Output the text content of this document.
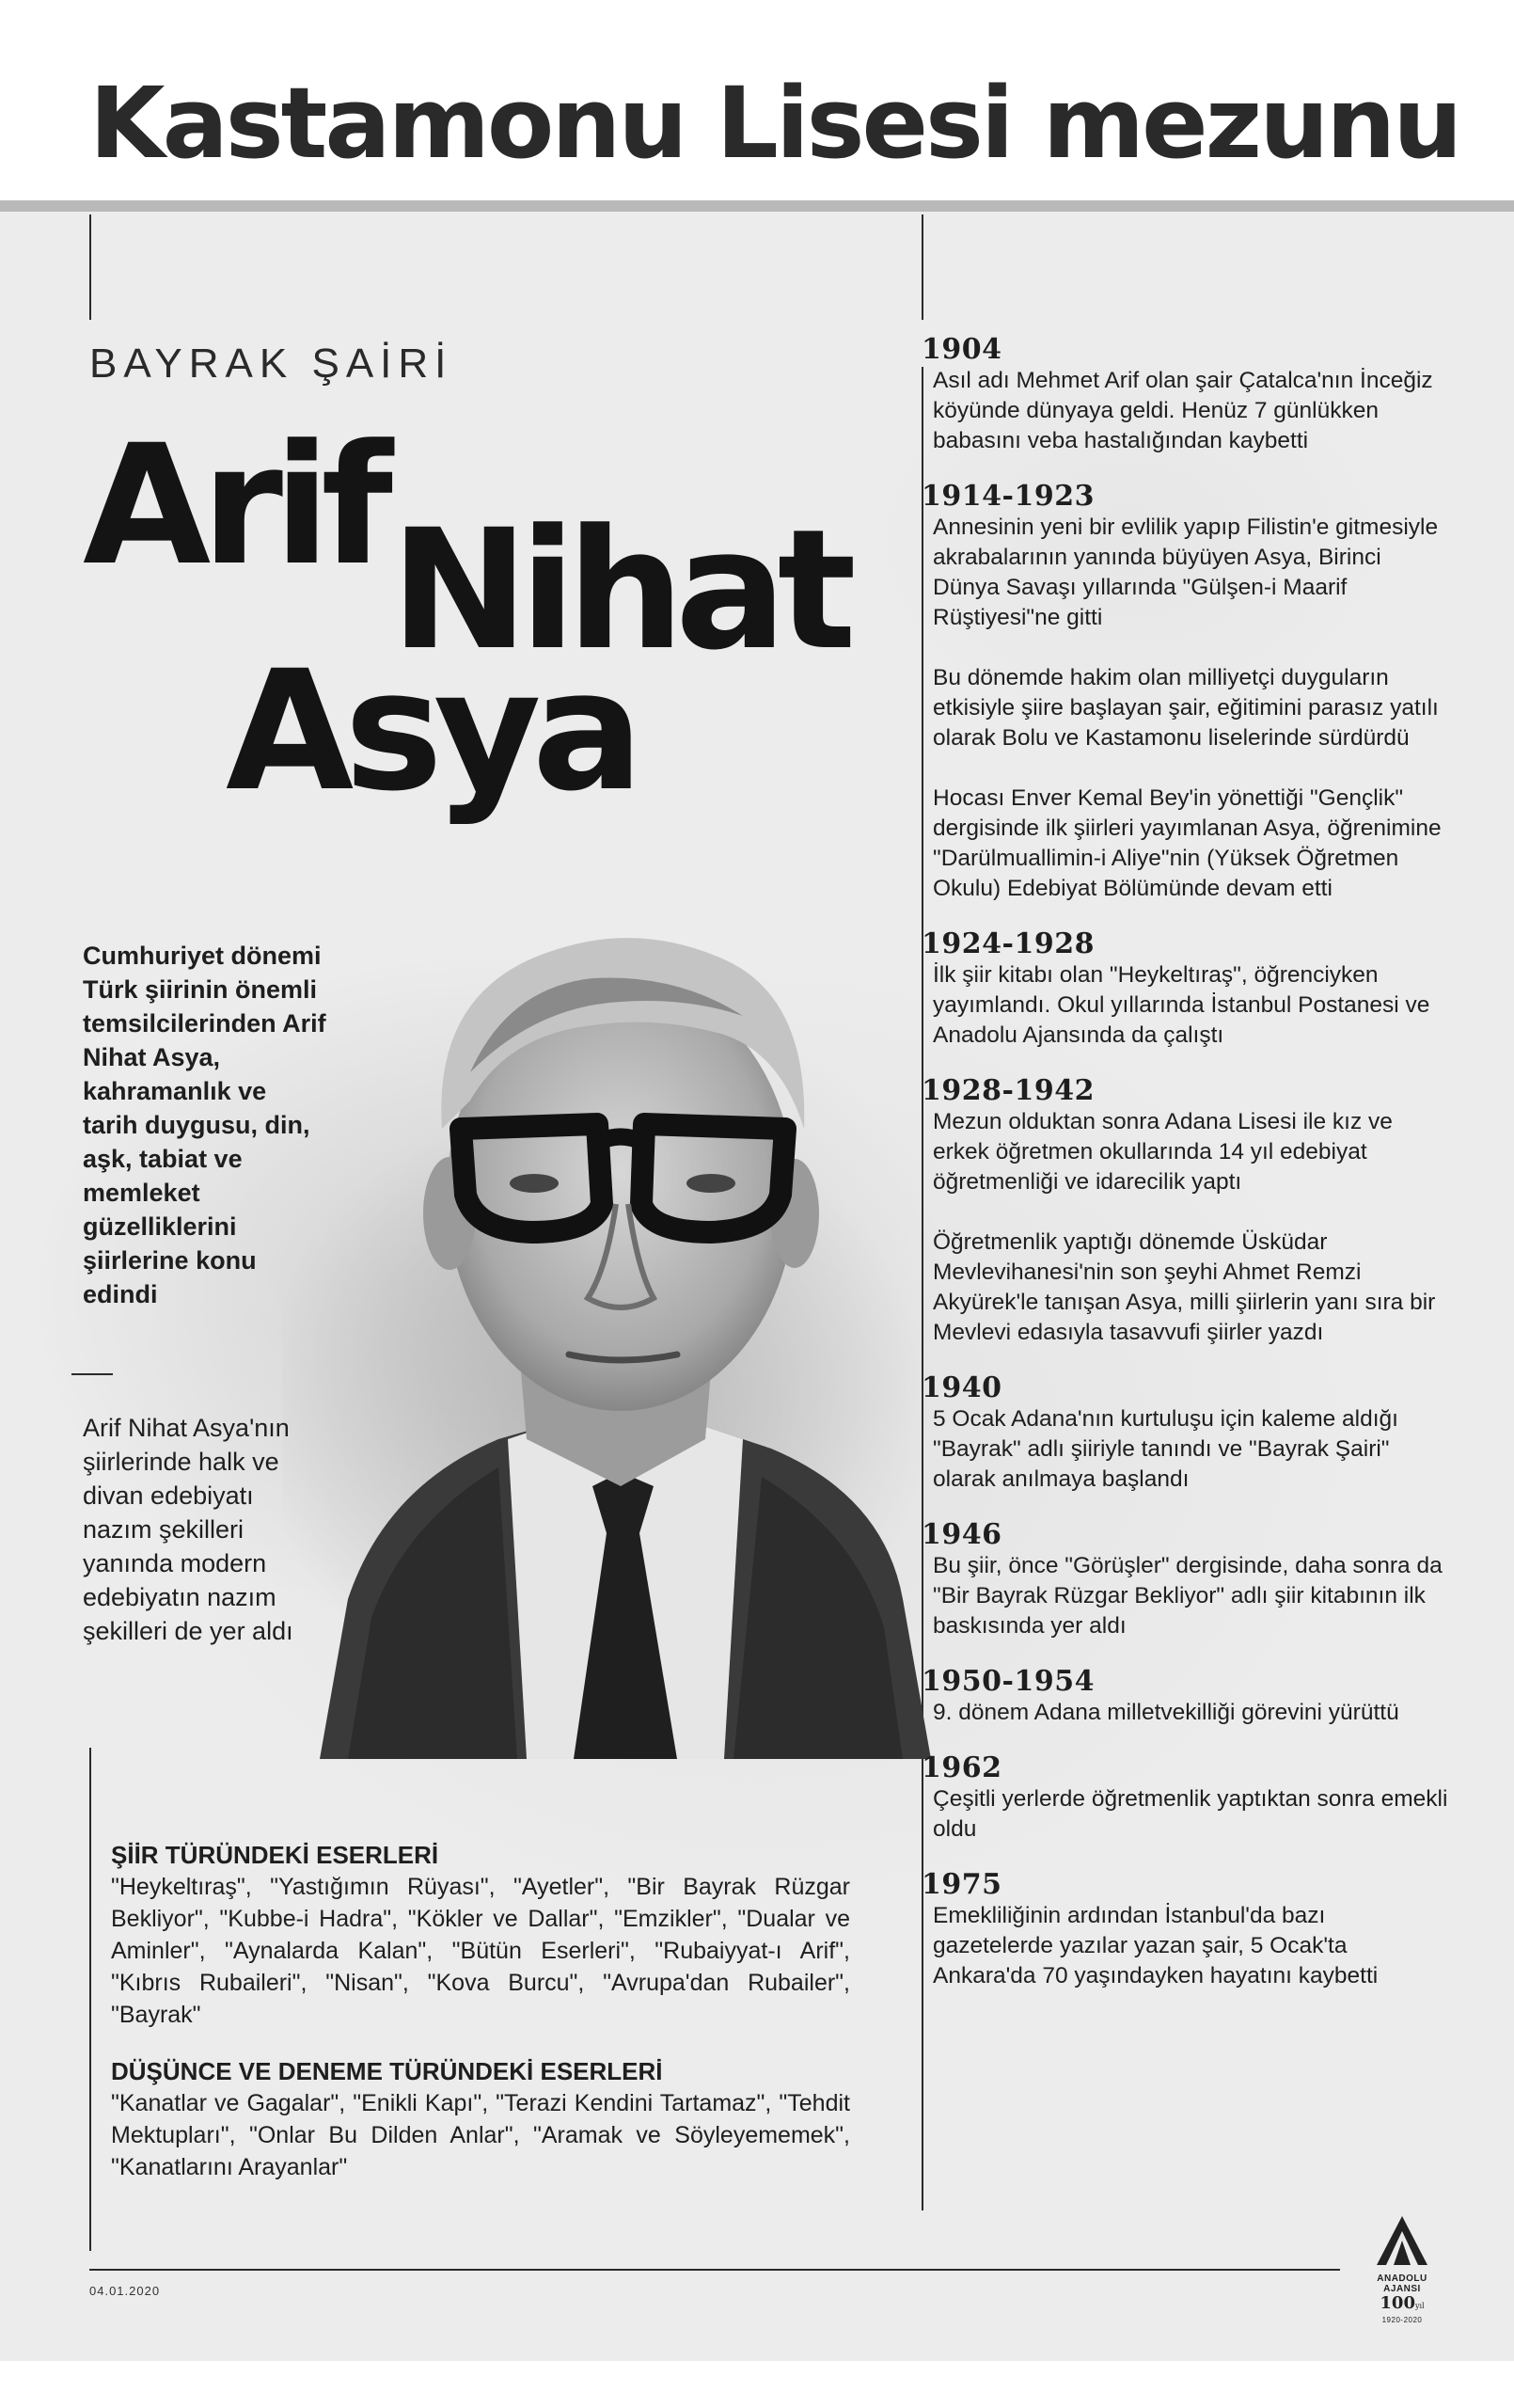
Kastamonu Lisesi mezunu
BAYRAK ŞAİRİ
Arif Nihat
Asya
Cumhuriyet dönemi Türk şiirinin önemli temsilcilerinden Arif Nihat Asya, kahramanlık ve tarih duygusu, din, aşk, tabiat ve memleket güzelliklerini şiirlerine konu edindi
Arif Nihat Asya'nın şiirlerinde halk ve divan edebiyatı nazım şekilleri yanında modern edebiyatın nazım şekilleri de yer aldı
ŞİİR TÜRÜNDEKİ ESERLERİ

"Heykeltıraş", "Yastığımın Rüyası", "Ayetler", "Bir Bayrak Rüzgar Bekliyor", "Kubbe-i Hadra", "Kökler ve Dallar", "Emzikler", "Dualar ve Aminler", "Aynalarda Kalan", "Bütün Eserleri", "Rubaiyyat-ı Arif", "Kıbrıs Rubaileri", "Nisan", "Kova Burcu", "Avrupa'dan Rubailer", "Bayrak"

DÜŞÜNCE VE DENEME TÜRÜNDEKİ ESERLERİ

"Kanatlar ve Gagalar", "Enikli Kapı", "Terazi Kendini Tartamaz", "Tehdit Mektupları", "Onlar Bu Dilden Anlar", "Aramak ve Söyleyememek", "Kanatlarını Arayanlar"

1904
Asıl adı Mehmet Arif olan şair Çatalca'nın İnceğiz köyünde dünyaya geldi. Henüz 7 günlükken babasını veba hastalığından kaybetti
1914-1923
Annesinin yeni bir evlilik yapıp Filistin'e gitmesiyle akrabalarının yanında büyüyen Asya, Birinci Dünya Savaşı yıllarında "Gülşen-i Maarif Rüştiyesi"ne gitti
Bu dönemde hakim olan milliyetçi duyguların etkisiyle şiire başlayan şair, eğitimini parasız yatılı olarak Bolu ve Kastamonu liselerinde sürdürdü
Hocası Enver Kemal Bey'in yönettiği "Gençlik" dergisinde ilk şiirleri yayımlanan Asya, öğrenimine "Darülmuallimin-i Aliye"nin (Yüksek Öğretmen Okulu) Edebiyat Bölümünde devam etti
1924-1928
İlk şiir kitabı olan "Heykeltıraş", öğrenciyken yayımlandı. Okul yıllarında İstanbul Postanesi ve Anadolu Ajansında da çalıştı
1928-1942
Mezun olduktan sonra Adana Lisesi ile kız ve erkek öğretmen okullarında 14 yıl edebiyat öğretmenliği ve idarecilik yaptı
Öğretmenlik yaptığı dönemde Üsküdar Mevlevihanesi'nin son şeyhi Ahmet Remzi Akyürek'le tanışan Asya, milli şiirlerin yanı sıra bir Mevlevi edasıyla tasavvufi şiirler yazdı
1940
5 Ocak Adana'nın kurtuluşu için kaleme aldığı "Bayrak" adlı şiiriyle tanındı ve "Bayrak Şairi" olarak anılmaya başlandı
1946
Bu şiir, önce "Görüşler" dergisinde, daha sonra da "Bir Bayrak Rüzgar Bekliyor" adlı şiir kitabının ilk baskısında yer aldı
1950-1954
9. dönem Adana milletvekilliği görevini yürüttü
1962
Çeşitli yerlerde öğretmenlik yaptıktan sonra emekli oldu
1975
Emekliliğinin ardından İstanbul'da bazı gazetelerde yazılar yazan şair, 5 Ocak'ta Ankara'da 70 yaşındayken hayatını kaybetti
04.01.2020
ANADOLU AJANSI
100yıl
1920-2020
